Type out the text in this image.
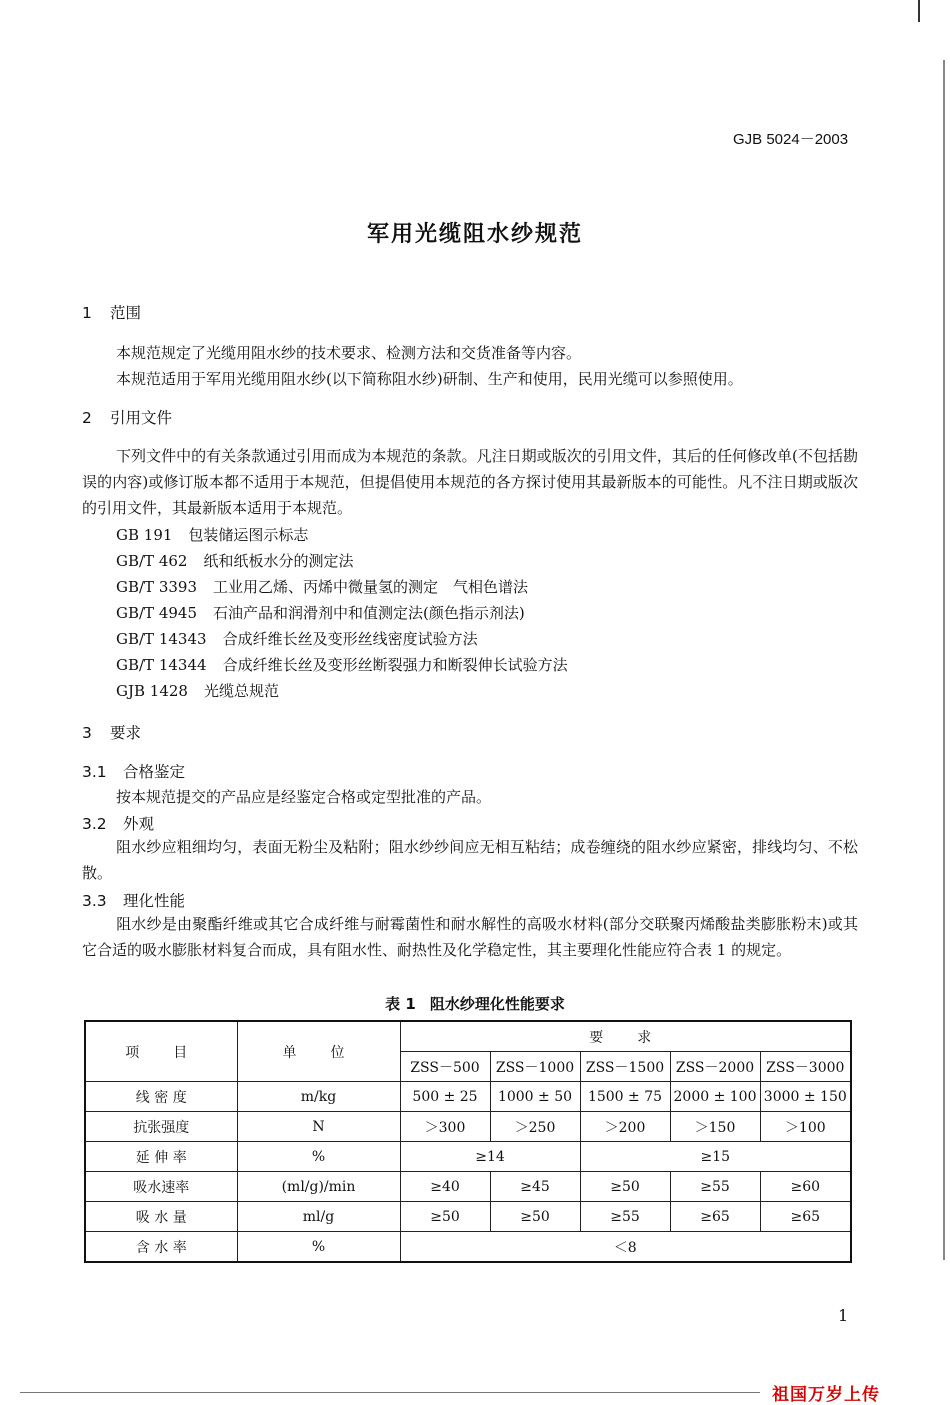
GJB 5024－2003
军用光缆阻水纱规范
1 范围
本规范规定了光缆用阻水纱的技术要求、检测方法和交货准备等内容。
本规范适用于军用光缆用阻水纱(以下简称阻水纱)研制、生产和使用，民用光缆可以参照使用。
2 引用文件
下列文件中的有关条款通过引用而成为本规范的条款。凡注日期或版次的引用文件，其后的任何修改单(不包括勘误的内容)或修订版本都不适用于本规范，但提倡使用本规范的各方探讨使用其最新版本的可能性。凡不注日期或版次的引用文件，其最新版本适用于本规范。
GB 191 包装储运图示标志
GB/T 462 纸和纸板水分的测定法
GB/T 3393 工业用乙烯、丙烯中微量氢的测定　气相色谱法
GB/T 4945 石油产品和润滑剂中和值测定法(颜色指示剂法)
GB/T 14343 合成纤维长丝及变形丝线密度试验方法
GB/T 14344 合成纤维长丝及变形丝断裂强力和断裂伸长试验方法
GJB 1428 光缆总规范
3 要求
3.1 合格鉴定
按本规范提交的产品应是经鉴定合格或定型批准的产品。
3.2 外观
阻水纱应粗细均匀，表面无粉尘及粘附；阻水纱纱间应无相互粘结；成卷缠绕的阻水纱应紧密，排线均匀、不松散。
3.3 理化性能
阻水纱是由聚酯纤维或其它合成纤维与耐霉菌性和耐水解性的高吸水材料(部分交联聚丙烯酸盐类膨胀粉末)或其它合适的吸水膨胀材料复合而成，具有阻水性、耐热性及化学稳定性，其主要理化性能应符合表 1 的规定。
表 1 阻水纱理化性能要求
项　目	单　位	要　求				
		ZSS－500	ZSS－1000	ZSS－1500	ZSS－2000	ZSS－3000
线 密 度	m/kg	500 ± 25	1000 ± 50	1500 ± 75	2000 ± 100	3000 ± 150
抗张强度	N	＞300	＞250	＞200	＞150	＞100
延 伸 率	%	≥14		≥15		
吸水速率	(ml/g)/min	≥40	≥45	≥50	≥55	≥60
吸 水 量	ml/g	≥50	≥50	≥55	≥65	≥65
含 水 率	%	＜8				
1
祖国万岁上传
